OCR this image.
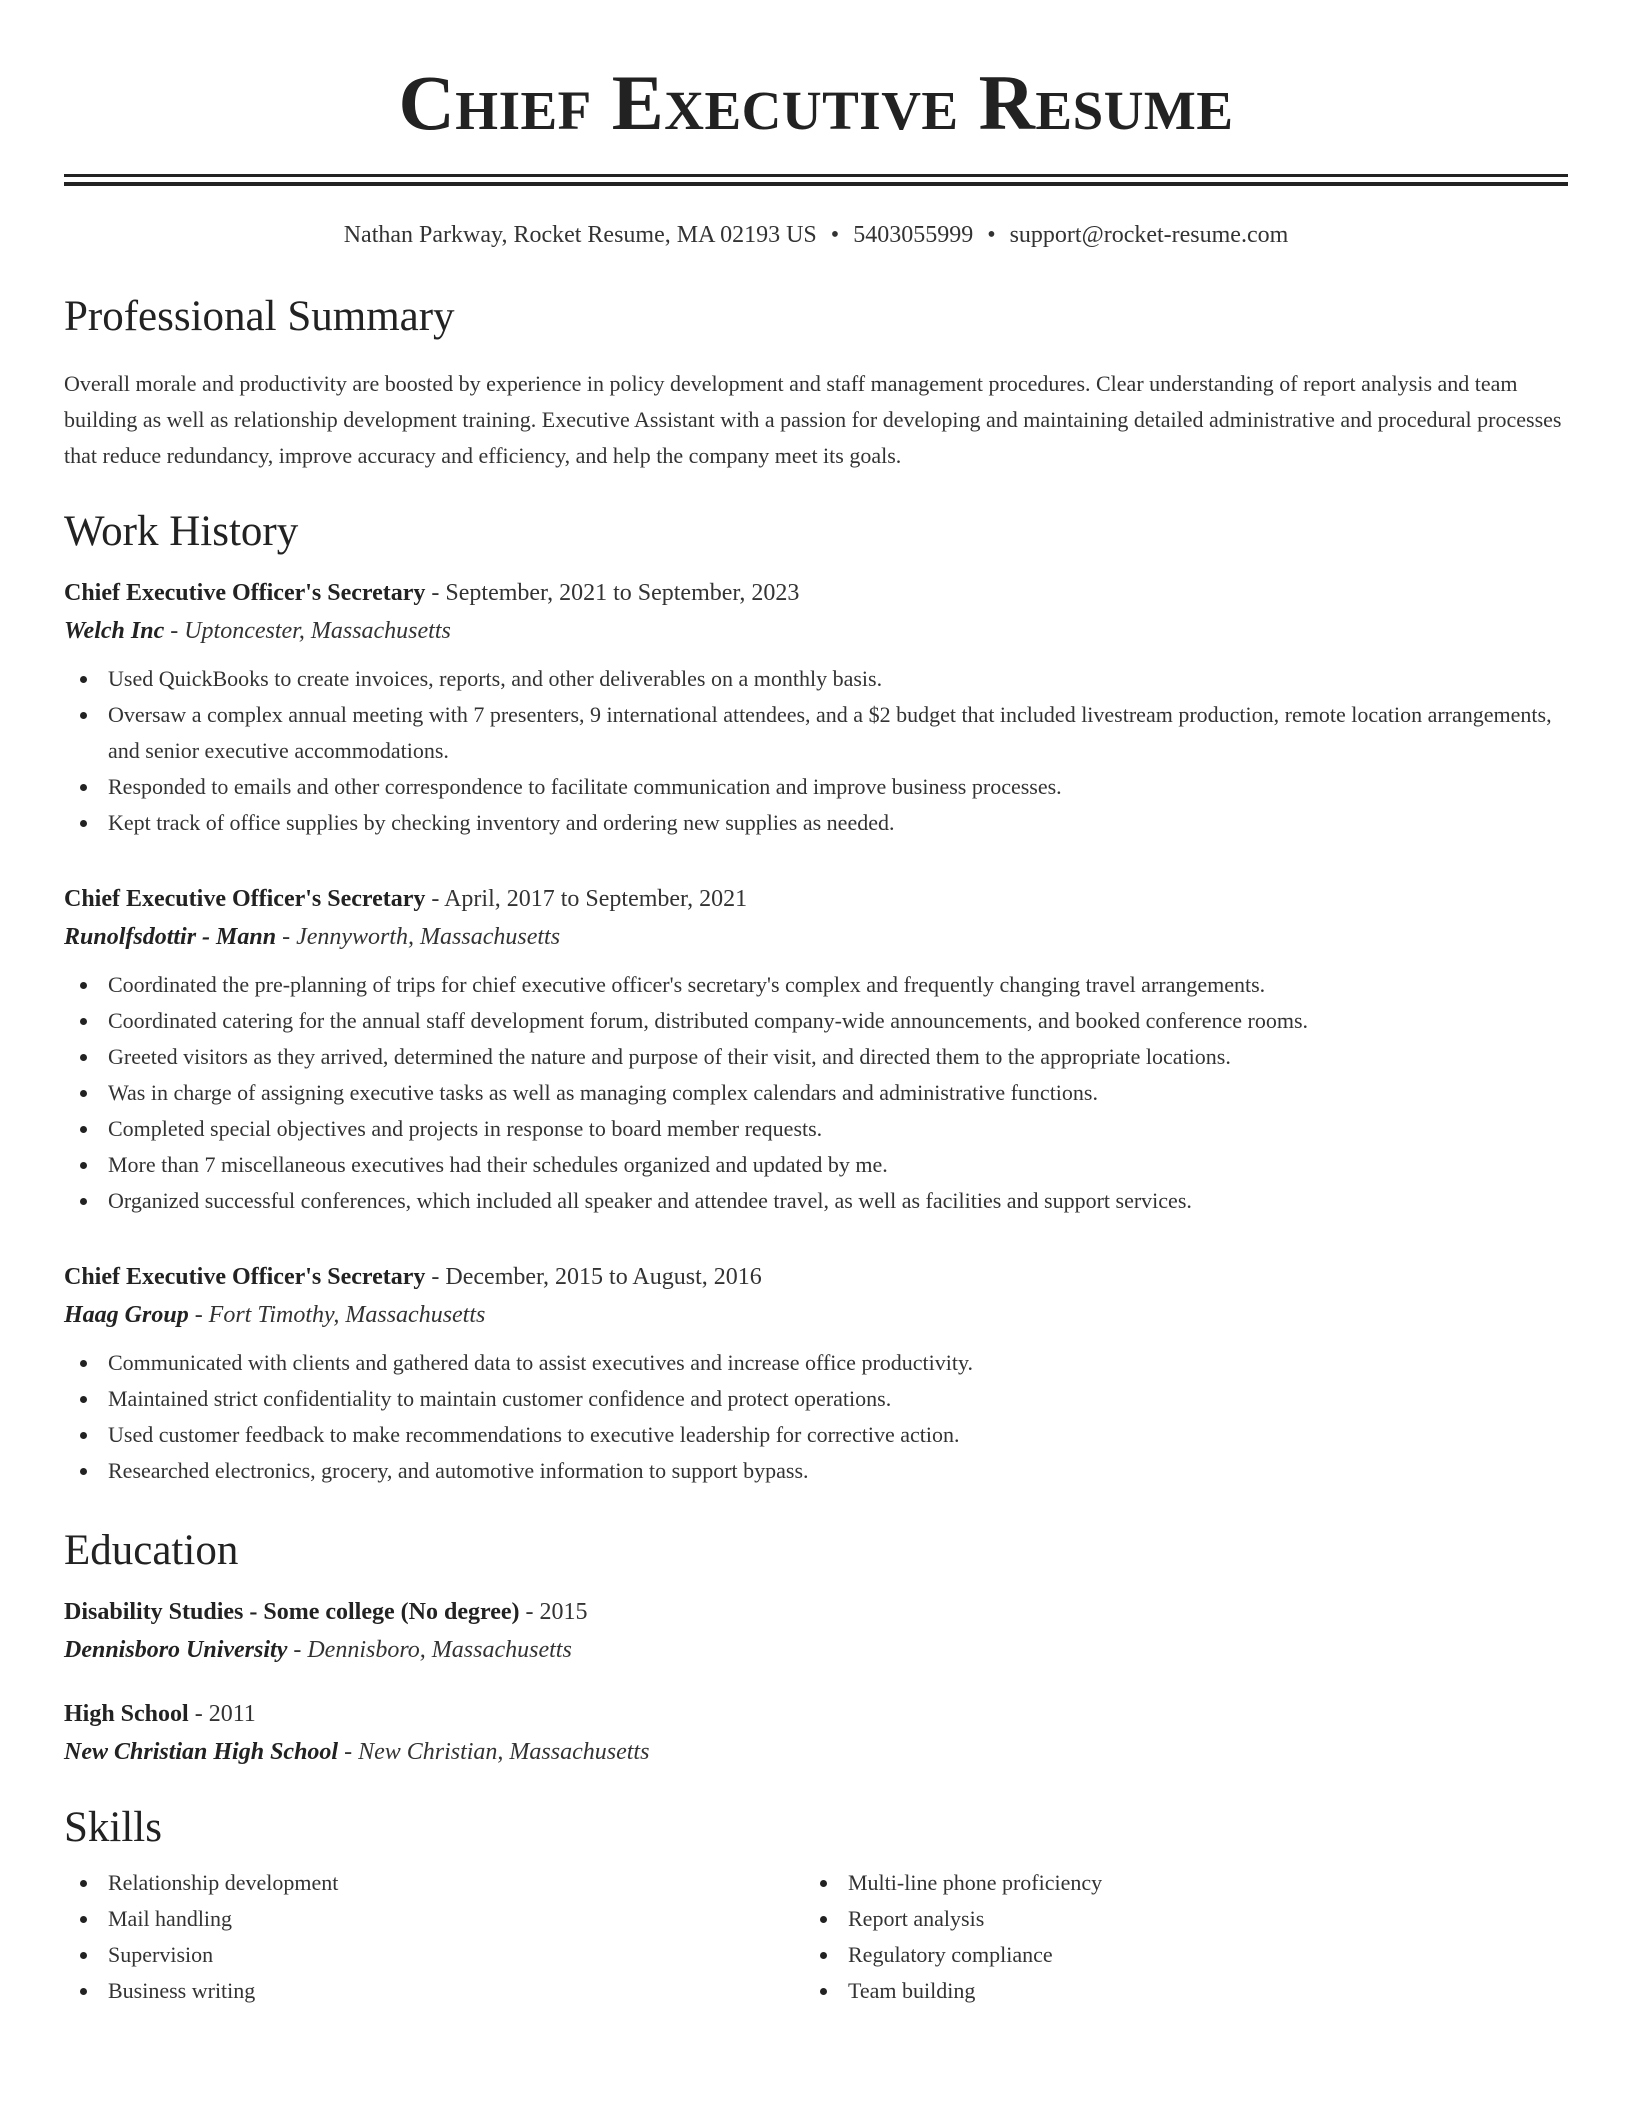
Chief Executive Resume
Nathan Parkway, Rocket Resume, MA 02193 US • 5403055999 • support@rocket-resume.com
Professional Summary

Overall morale and productivity are boosted by experience in policy development and staff management procedures. Clear understanding of report analysis and team building as well as relationship development training. Executive Assistant with a passion for developing and maintaining detailed administrative and procedural processes that reduce redundancy, improve accuracy and efficiency, and help the company meet its goals.

Work History
Chief Executive Officer's Secretary - September, 2021 to September, 2023
Welch Inc - Uptoncester, Massachusetts
Used QuickBooks to create invoices, reports, and other deliverables on a monthly basis.
Oversaw a complex annual meeting with 7 presenters, 9 international attendees, and a $2 budget that included livestream production, remote location arrangements, and senior executive accommodations.
Responded to emails and other correspondence to facilitate communication and improve business processes.
Kept track of office supplies by checking inventory and ordering new supplies as needed.
Chief Executive Officer's Secretary - April, 2017 to September, 2021
Runolfsdottir - Mann - Jennyworth, Massachusetts
Coordinated the pre-planning of trips for chief executive officer's secretary's complex and frequently changing travel arrangements.
Coordinated catering for the annual staff development forum, distributed company-wide announcements, and booked conference rooms.
Greeted visitors as they arrived, determined the nature and purpose of their visit, and directed them to the appropriate locations.
Was in charge of assigning executive tasks as well as managing complex calendars and administrative functions.
Completed special objectives and projects in response to board member requests.
More than 7 miscellaneous executives had their schedules organized and updated by me.
Organized successful conferences, which included all speaker and attendee travel, as well as facilities and support services.
Chief Executive Officer's Secretary - December, 2015 to August, 2016
Haag Group - Fort Timothy, Massachusetts
Communicated with clients and gathered data to assist executives and increase office productivity.
Maintained strict confidentiality to maintain customer confidence and protect operations.
Used customer feedback to make recommendations to executive leadership for corrective action.
Researched electronics, grocery, and automotive information to support bypass.
Education
Disability Studies - Some college (No degree) - 2015
Dennisboro University - Dennisboro, Massachusetts
High School - 2011
New Christian High School - New Christian, Massachusetts
Skills
Relationship development
Mail handling
Supervision
Business writing
Multi-line phone proficiency
Report analysis
Regulatory compliance
Team building
